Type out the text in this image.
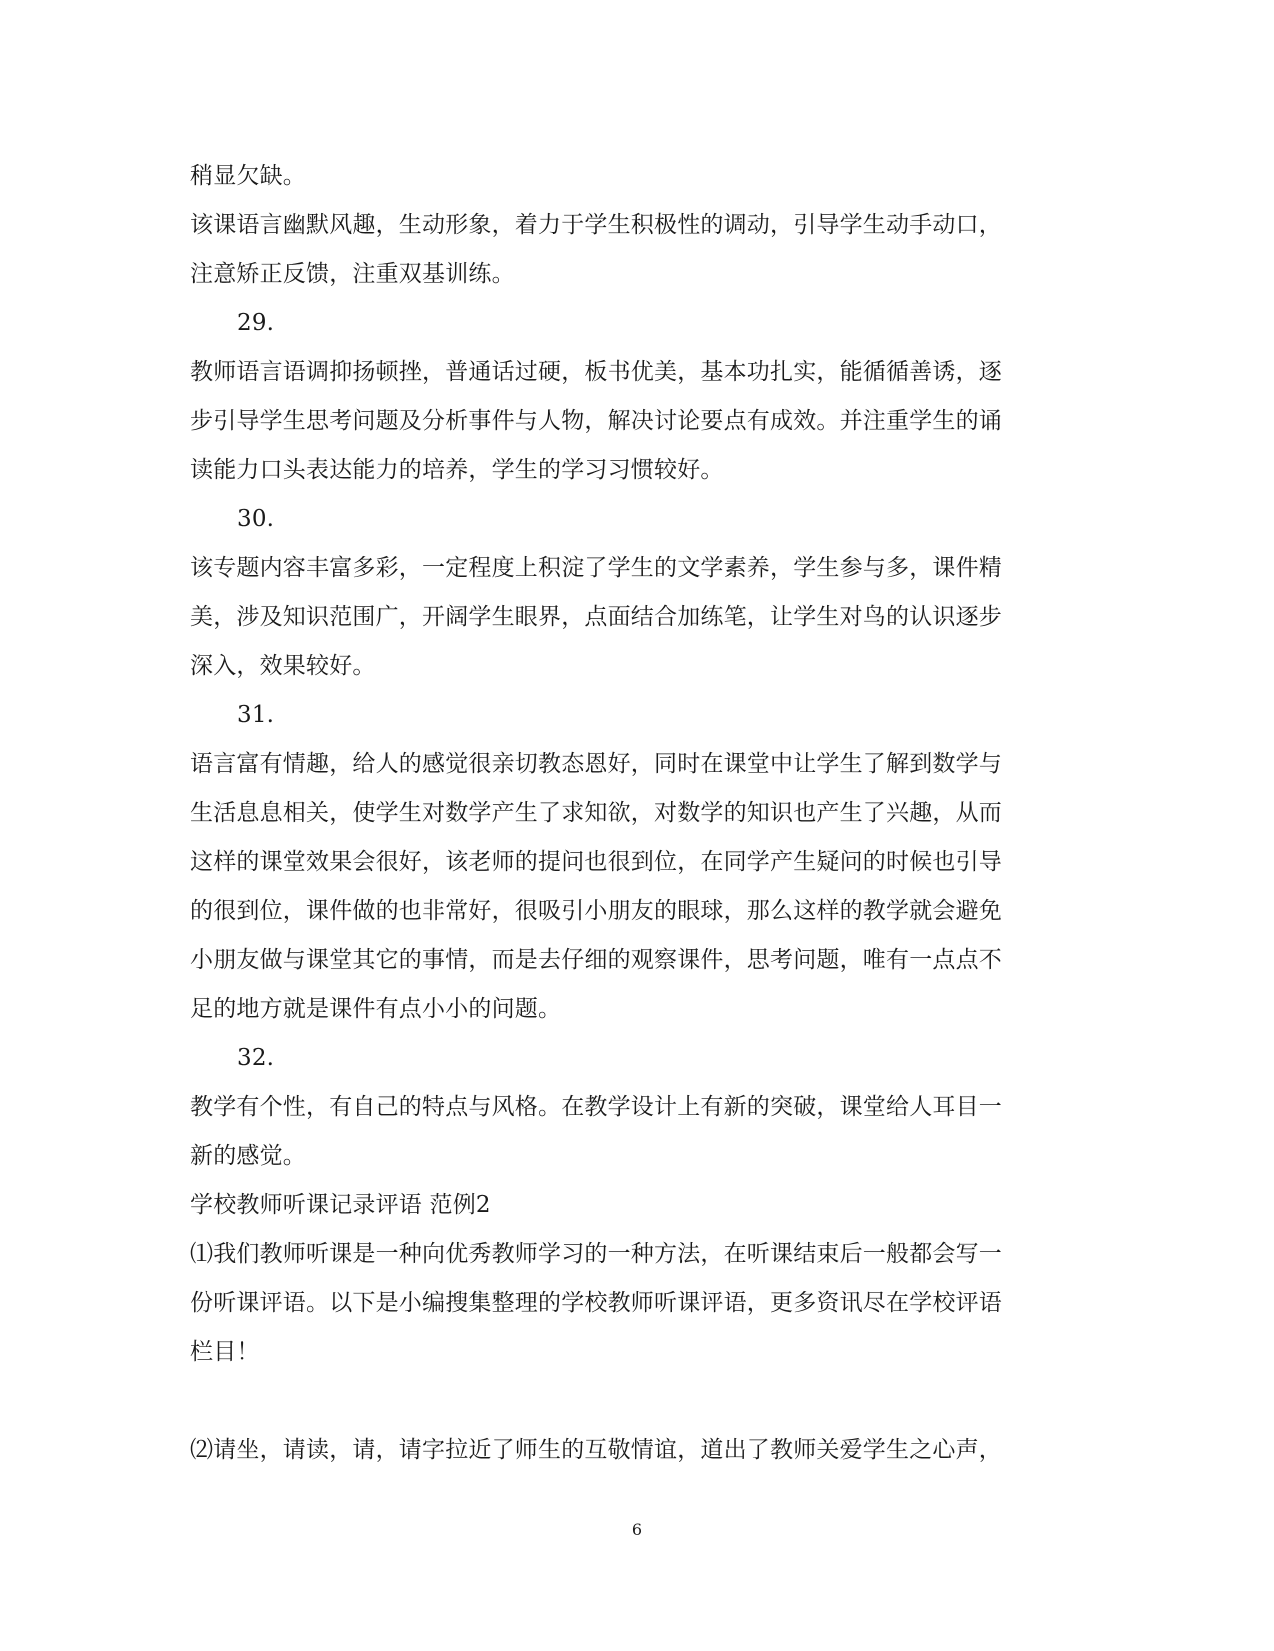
稍显欠缺。
该课语言幽默风趣，生动形象，着力于学生积极性的调动，引导学生动手动口，
注意矫正反馈，注重双基训练。
29.
教师语言语调抑扬顿挫，普通话过硬，板书优美，基本功扎实，能循循善诱，逐
步引导学生思考问题及分析事件与人物，解决讨论要点有成效。并注重学生的诵
读能力口头表达能力的培养，学生的学习习惯较好。
30.
该专题内容丰富多彩，一定程度上积淀了学生的文学素养，学生参与多，课件精
美，涉及知识范围广，开阔学生眼界，点面结合加练笔，让学生对鸟的认识逐步
深入，效果较好。
31.
语言富有情趣，给人的感觉很亲切教态恩好，同时在课堂中让学生了解到数学与
生活息息相关，使学生对数学产生了求知欲，对数学的知识也产生了兴趣，从而
这样的课堂效果会很好，该老师的提问也很到位，在同学产生疑问的时候也引导
的很到位，课件做的也非常好，很吸引小朋友的眼球，那么这样的教学就会避免
小朋友做与课堂其它的事情，而是去仔细的观察课件，思考问题，唯有一点点不
足的地方就是课件有点小小的问题。
32.
教学有个性，有自己的特点与风格。在教学设计上有新的突破，课堂给人耳目一
新的感觉。
学校教师听课记录评语 范例2
⑴我们教师听课是一种向优秀教师学习的一种方法，在听课结束后一般都会写一
份听课评语。以下是小编搜集整理的学校教师听课评语，更多资讯尽在学校评语
栏目！
⑵请坐，请读，请，请字拉近了师生的互敬情谊，道出了教师关爱学生之心声，
6
